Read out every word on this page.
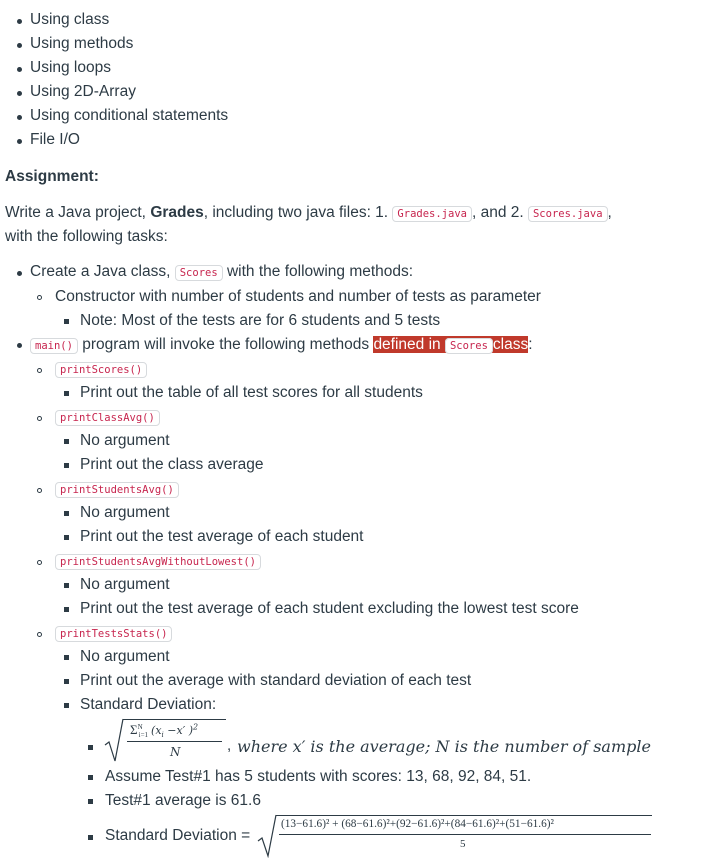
Using class
Using methods
Using loops
Using 2D-Array
Using conditional statements
File I/O
Assignment:
Write a Java project, Grades, including two java files: 1. Grades.java , and 2. Scores.java ,
with the following tasks:
Create a Java class, Scores with the following methods:
Constructor with number of students and number of tests as parameter
Note: Most of the tests are for 6 students and 5 tests
main() program will invoke the following methods defined in Scores class:
printScores()
Print out the table of all test scores for all students
printClassAvg()
No argument
Print out the class average
printStudentsAvg()
No argument
Print out the test average of each student
printStudentsAvgWithoutLowest()
No argument
Print out the test average of each student excluding the lowest test score
printTestsStats()
No argument
Print out the average with standard deviation of each test
Standard Deviation:
$\Sigma^N_{i=1}$ ($x_i -x'$ )$^2$
N	, where x′ is the average; N is the number of sample
Assume Test#1 has 5 students with scores: 13, 68, 92, 84, 51.
Test#1 average is 61.6
Standard Deviation =
(13−61.6)² + (68−61.6)²+(92−61.6)²+(84−61.6)²+(51−61.6)²
5
